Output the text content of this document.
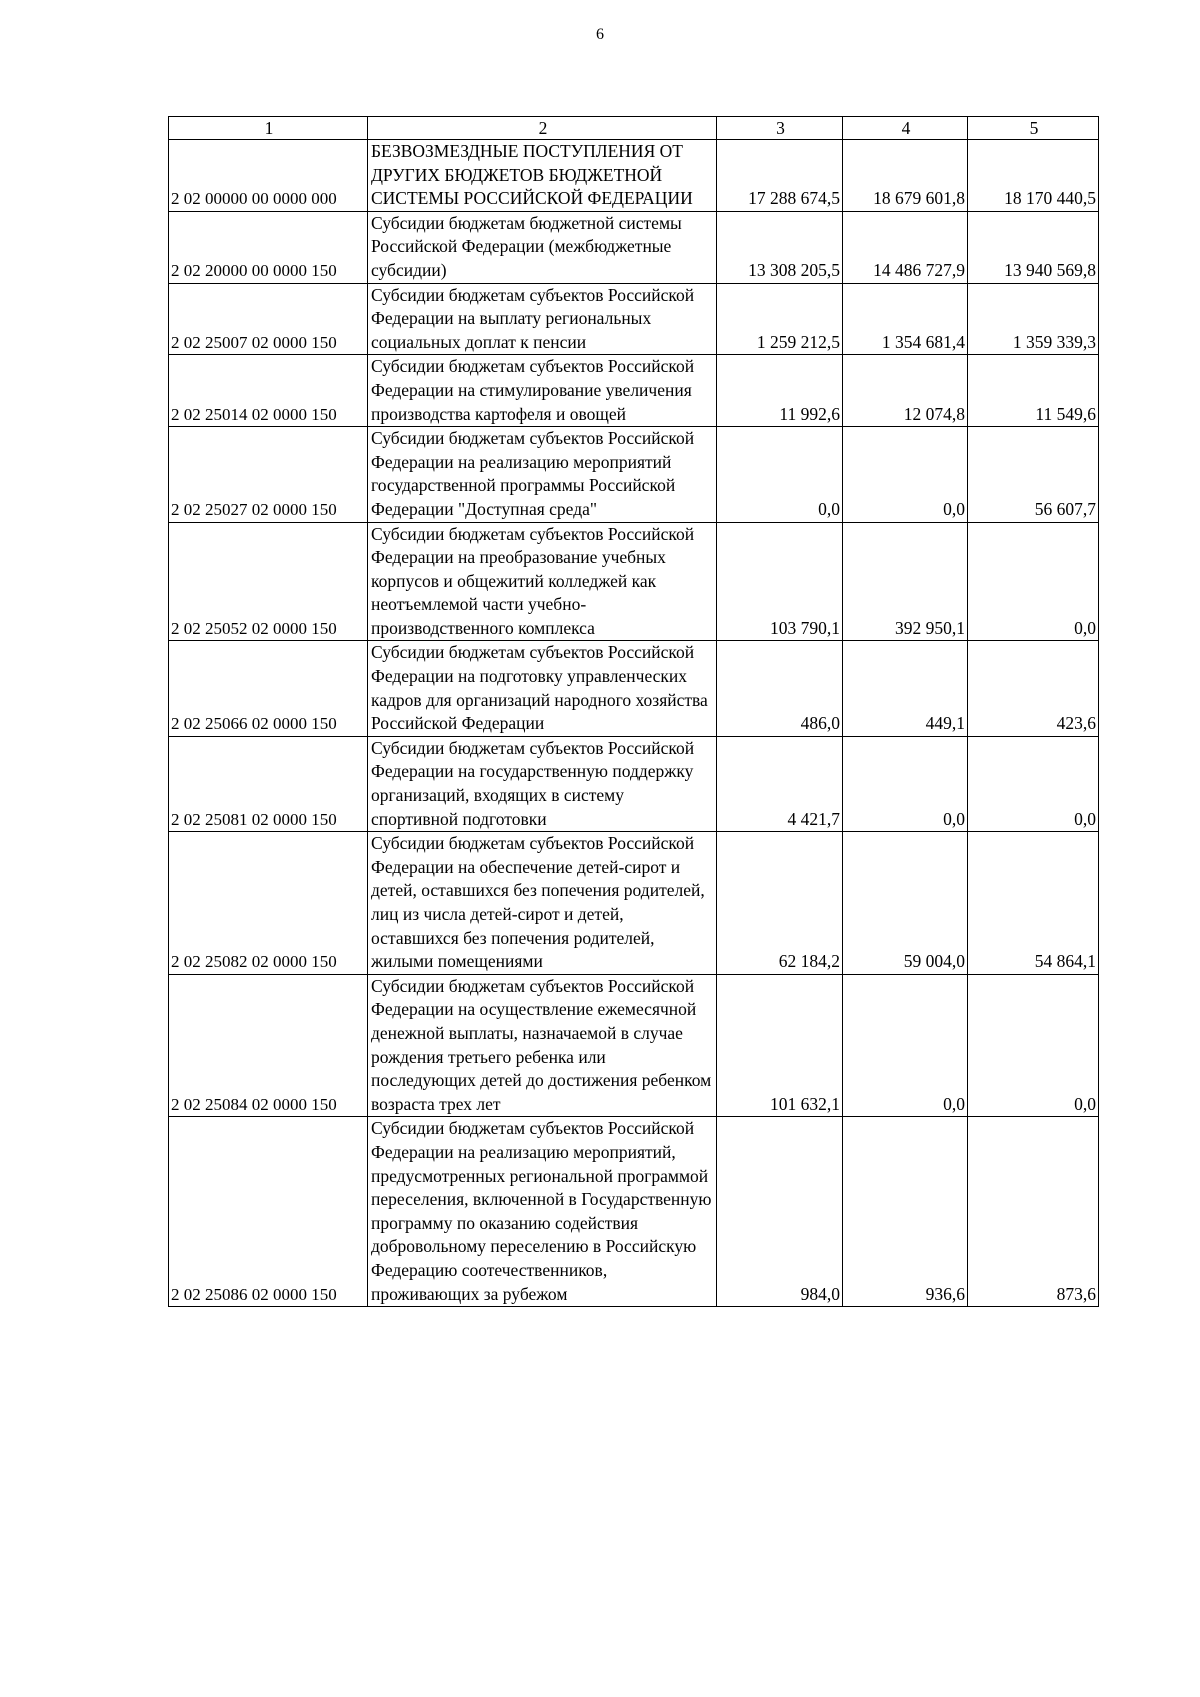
6
1	2	3	4	5
2 02 00000 00 0000 000	БЕЗВОЗМЕЗДНЫЕ ПОСТУПЛЕНИЯ ОТ ДРУГИХ БЮДЖЕТОВ БЮДЖЕТНОЙ СИСТЕМЫ РОССИЙСКОЙ ФЕДЕРАЦИИ	17 288 674,5	18 679 601,8	18 170 440,5
2 02 20000 00 0000 150	Субсидии бюджетам бюджетной системы Российской Федерации (межбюджетные субсидии)	13 308 205,5	14 486 727,9	13 940 569,8
2 02 25007 02 0000 150	Субсидии бюджетам субъектов Российской Федерации на выплату региональных социальных доплат к пенсии	1 259 212,5	1 354 681,4	1 359 339,3
2 02 25014 02 0000 150	Субсидии бюджетам субъектов Российской Федерации на стимулирование увеличения производства картофеля и овощей	11 992,6	12 074,8	11 549,6
2 02 25027 02 0000 150	Субсидии бюджетам субъектов Российской Федерации на реализацию мероприятий государственной программы Российской Федерации "Доступная среда"	0,0	0,0	56 607,7
2 02 25052 02 0000 150	Субсидии бюджетам субъектов Российской Федерации на преобразование учебных корпусов и общежитий колледжей как неотъемлемой части учебно-производственного комплекса	103 790,1	392 950,1	0,0
2 02 25066 02 0000 150	Субсидии бюджетам субъектов Российской Федерации на подготовку управленческих кадров для организаций народного хозяйства Российской Федерации	486,0	449,1	423,6
2 02 25081 02 0000 150	Субсидии бюджетам субъектов Российской Федерации на государственную поддержку организаций, входящих в систему спортивной подготовки	4 421,7	0,0	0,0
2 02 25082 02 0000 150	Субсидии бюджетам субъектов Российской Федерации на обеспечение детей-сирот и детей, оставшихся без попечения родителей, лиц из числа детей-сирот и детей, оставшихся без попечения родителей, жилыми помещениями	62 184,2	59 004,0	54 864,1
2 02 25084 02 0000 150	Субсидии бюджетам субъектов Российской Федерации на осуществление ежемесячной денежной выплаты, назначаемой в случае рождения третьего ребенка или последующих детей до достижения ребенком возраста трех лет	101 632,1	0,0	0,0
2 02 25086 02 0000 150	Субсидии бюджетам субъектов Российской Федерации на реализацию мероприятий, предусмотренных региональной программой переселения, включенной в Государственную программу по оказанию содействия добровольному переселению в Российскую Федерацию соотечественников, проживающих за рубежом	984,0	936,6	873,6
